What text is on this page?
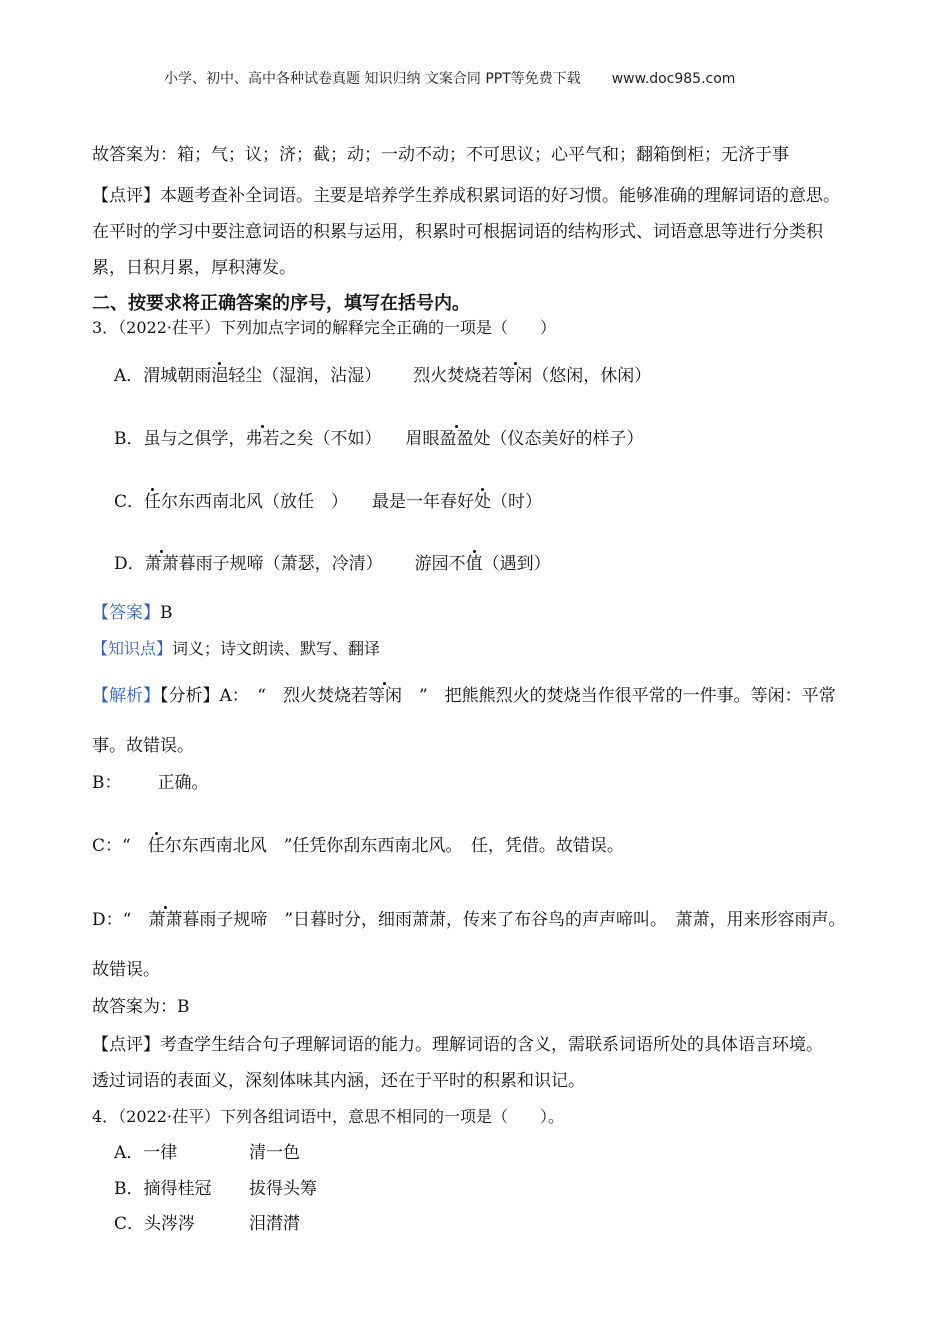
小学、初中、高中各种试卷真题 知识归纳 文案合同 PPT等免费下载 www.doc985.com
故答案为：箱；气；议；济；截；动；一动不动；不可思议；心平气和；翻箱倒柜；无济于事
【点评】本题考查补全词语。主要是培养学生养成积累词语的好习惯。能够准确的理解词语的意思。
在平时的学习中要注意词语的积累与运用，积累时可根据词语的结构形式、词语意思等进行分类积
累，日积月累，厚积薄发。
二、按要求将正确答案的序号，填写在括号内。
3．（2022·茌平）下列加点字词的解释完全正确的一项是（　　）
A．渭城朝雨浥轻尘（湿润，沾湿） 烈火焚烧若等闲（悠闲，休闲）
B．虽与之俱学，弗若之矣（不如） 眉眼盈盈处（仪态美好的样子）
C．任尔东西南北风（放任　） 最是一年春好处（时）
D．萧萧暮雨子规啼（萧瑟，冷清） 游园不值（遇到）
【答案】B
【知识点】词义；诗文朗读、默写、翻译
【解析】【分析】A：　“　烈火焚烧若等闲　”　把熊熊烈火的焚烧当作很平常的一件事。等闲：平常
事。故错误。
B： 正确。
C：“　任尔东西南北风　”任凭你刮东西南北风。　任，凭借。故错误。
D：“　萧萧暮雨子规啼　”日暮时分，细雨萧萧，传来了布谷鸟的声声啼叫。　萧萧，用来形容雨声。
故错误。
故答案为：B
【点评】考查学生结合句子理解词语的能力。理解词语的含义，需联系词语所处的具体语言环境。
透过词语的表面义，深刻体味其内涵，还在于平时的积累和识记。
4．（2022·茌平）下列各组词语中，意思不相同的一项是（　　）。
A．一律	清一色
B．摘得桂冠 拔得头筹
C．头涔涔	泪潸潸
